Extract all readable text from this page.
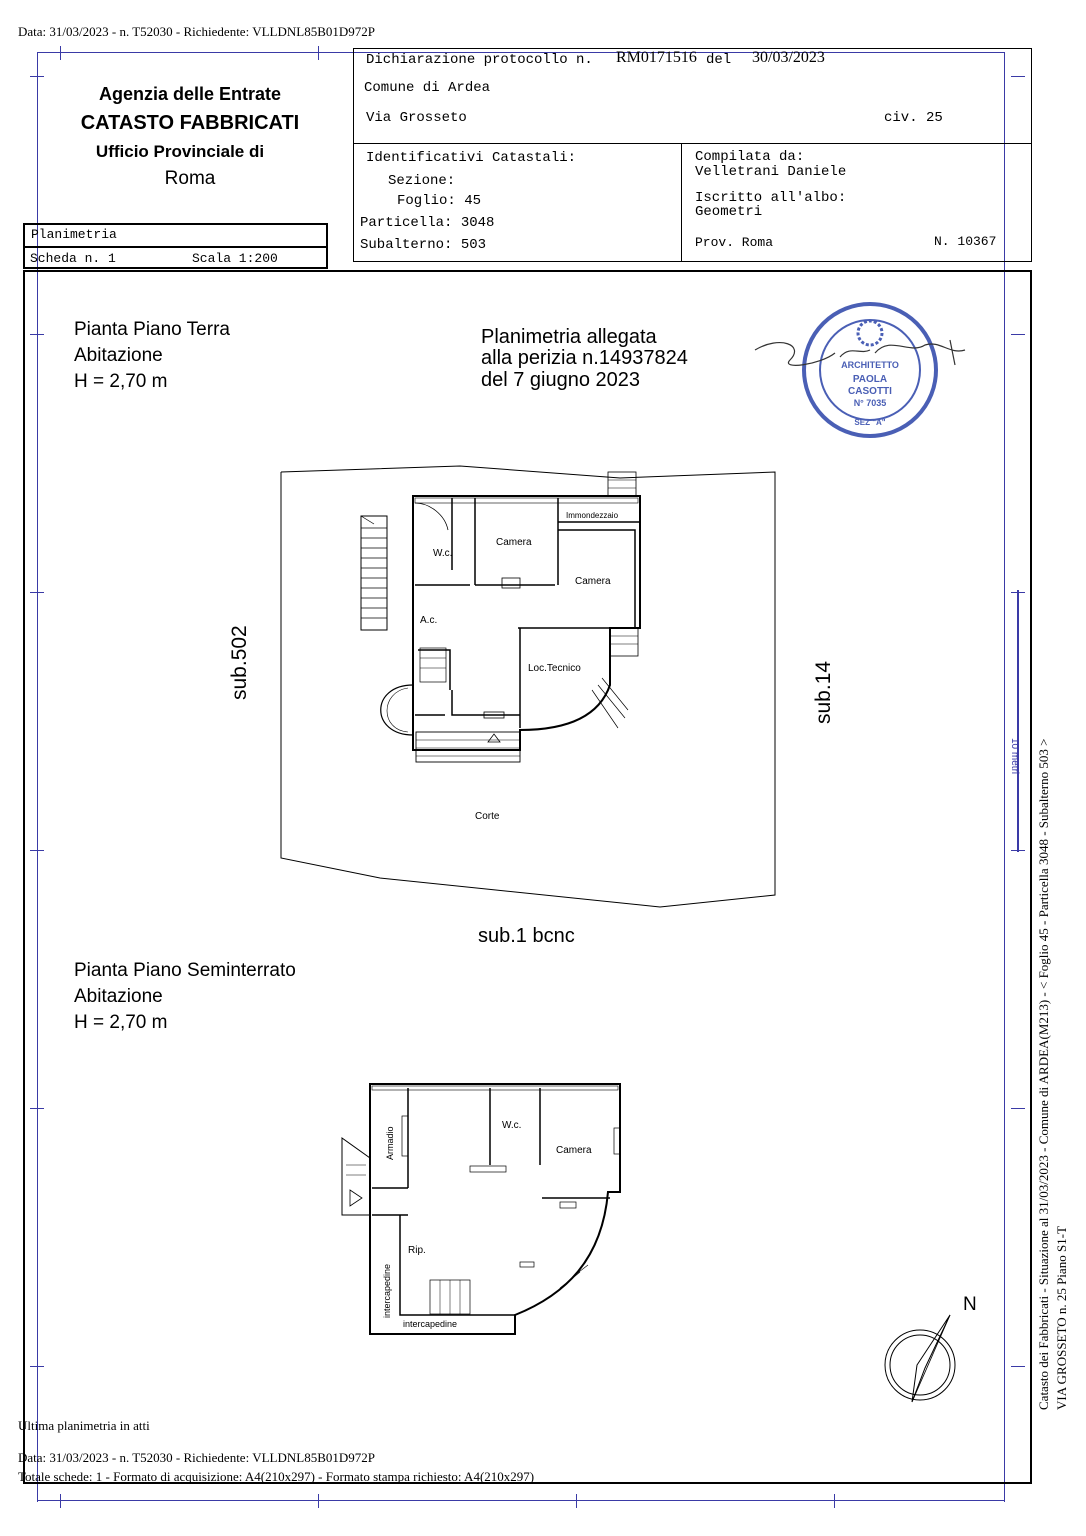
Data: 31/03/2023 - n. T52030 - Richiedente: VLLDNL85B01D972P
Agenzia delle Entrate
CATASTO FABBRICATI
Ufficio Provinciale di
Roma
Dichiarazione protocollo n. RM0171516 del 30/03/2023
Comune di Ardea
Via Grosseto	civ. 25
Identificativi Catastali:
Sezione:
Foglio: 45
Particella: 3048
Subalterno: 503
Compilata da:
Velletrani Daniele
Iscritto all'albo:
Geometri
Prov. Roma	N. 10367
Planimetria
Scheda n. 1	Scala 1:200
Pianta Piano Terra
Abitazione
H = 2,70 m
Planimetria allegata
alla perizia n.14937824
del 7 giugno 2023
ARCHITETTO
PAOLA
CASOTTI
N° 7035
SEZ "A"
W.c.
Camera
Camera
Immondezzaio
A.c.
Loc.Tecnico
Corte
sub.502	sub.14
sub.1 bcnc
Pianta Piano Seminterrato
Abitazione
H = 2,70 m
W.c.
Camera
Rip.
intercapedine
Armadio
intercapedine	N
10 metri Catasto dei Fabbricati - Situazione al 31/03/2023 - Comune di ARDEA(M213) - < Foglio 45 - Particella 3048 - Subalterno 503 > VIA GROSSETO n. 25 Piano S1-T
Ultima planimetria in atti
Data: 31/03/2023 - n. T52030 - Richiedente: VLLDNL85B01D972P
Totale schede: 1 - Formato di acquisizione: A4(210x297) - Formato stampa richiesto: A4(210x297)
